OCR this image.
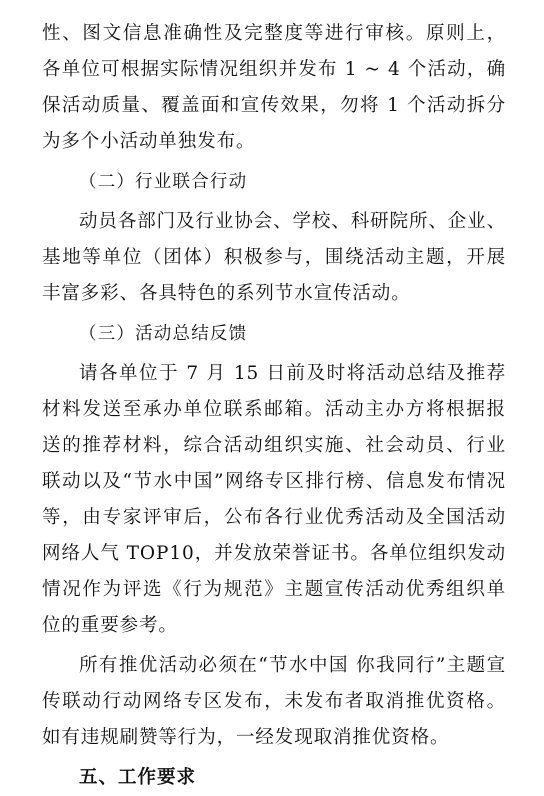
性、图文信息准确性及完整度等进行审核。原则上，各单位可根据实际情况组织并发布 1 ~ 4 个活动，确保活动质量、覆盖面和宣传效果，勿将 1 个活动拆分为多个小活动单独发布。

（二）行业联合行动

动员各部门及行业协会、学校、科研院所、企业、基地等单位（团体）积极参与，围绕活动主题，开展丰富多彩、各具特色的系列节水宣传活动。

（三）活动总结反馈

请各单位于 7 月 15 日前及时将活动总结及推荐材料发送至承办单位联系邮箱。活动主办方将根据报送的推荐材料，综合活动组织实施、社会动员、行业联动以及“节水中国”网络专区排行榜、信息发布情况等，由专家评审后，公布各行业优秀活动及全国活动网络人气 TOP10，并发放荣誉证书。各单位组织发动情况作为评选《行为规范》主题宣传活动优秀组织单位的重要参考。

所有推优活动必须在“节水中国 你我同行”主题宣传联动行动网络专区发布，未发布者取消推优资格。如有违规刷赞等行为，一经发现取消推优资格。

五、工作要求
